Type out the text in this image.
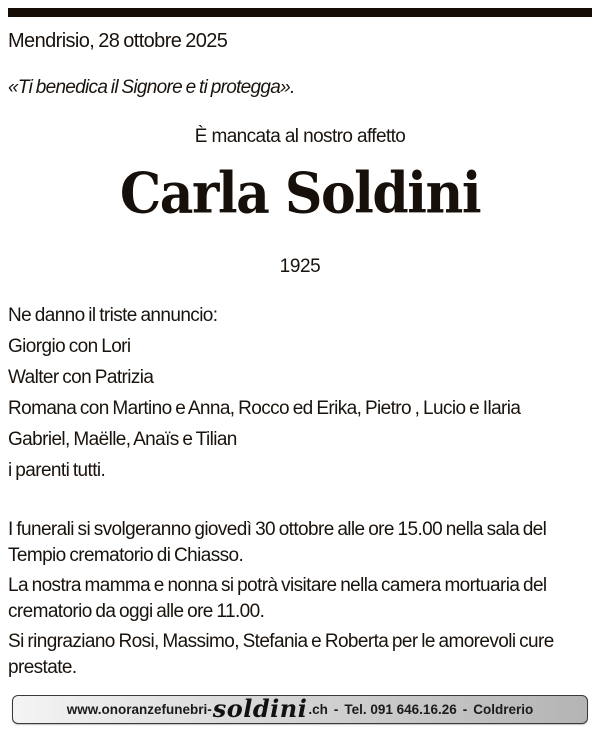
Mendrisio, 28 ottobre 2025
«Ti benedica il Signore e ti protegga».
È mancata al nostro affetto
Carla Soldini
1925
Ne danno il triste annuncio:
Giorgio con Lori
Walter con Patrizia
Romana con Martino e Anna, Rocco ed Erika, Pietro , Lucio e Ilaria
Gabriel, Maëlle, Anaïs e Tilian
i parenti tutti.

I funerali si svolgeranno giovedì 30 ottobre alle ore 15.00 nella sala del Tempio crematorio di Chiasso.

La nostra mamma e nonna si potrà visitare nella camera mortuaria del crematorio da oggi alle ore 11.00.

Si ringraziano Rosi, Massimo, Stefania e Roberta per le amorevoli cure prestate.

www.onoranzefunebri- soldini .ch - Tel. 091 646.16.26 - Coldrerio
